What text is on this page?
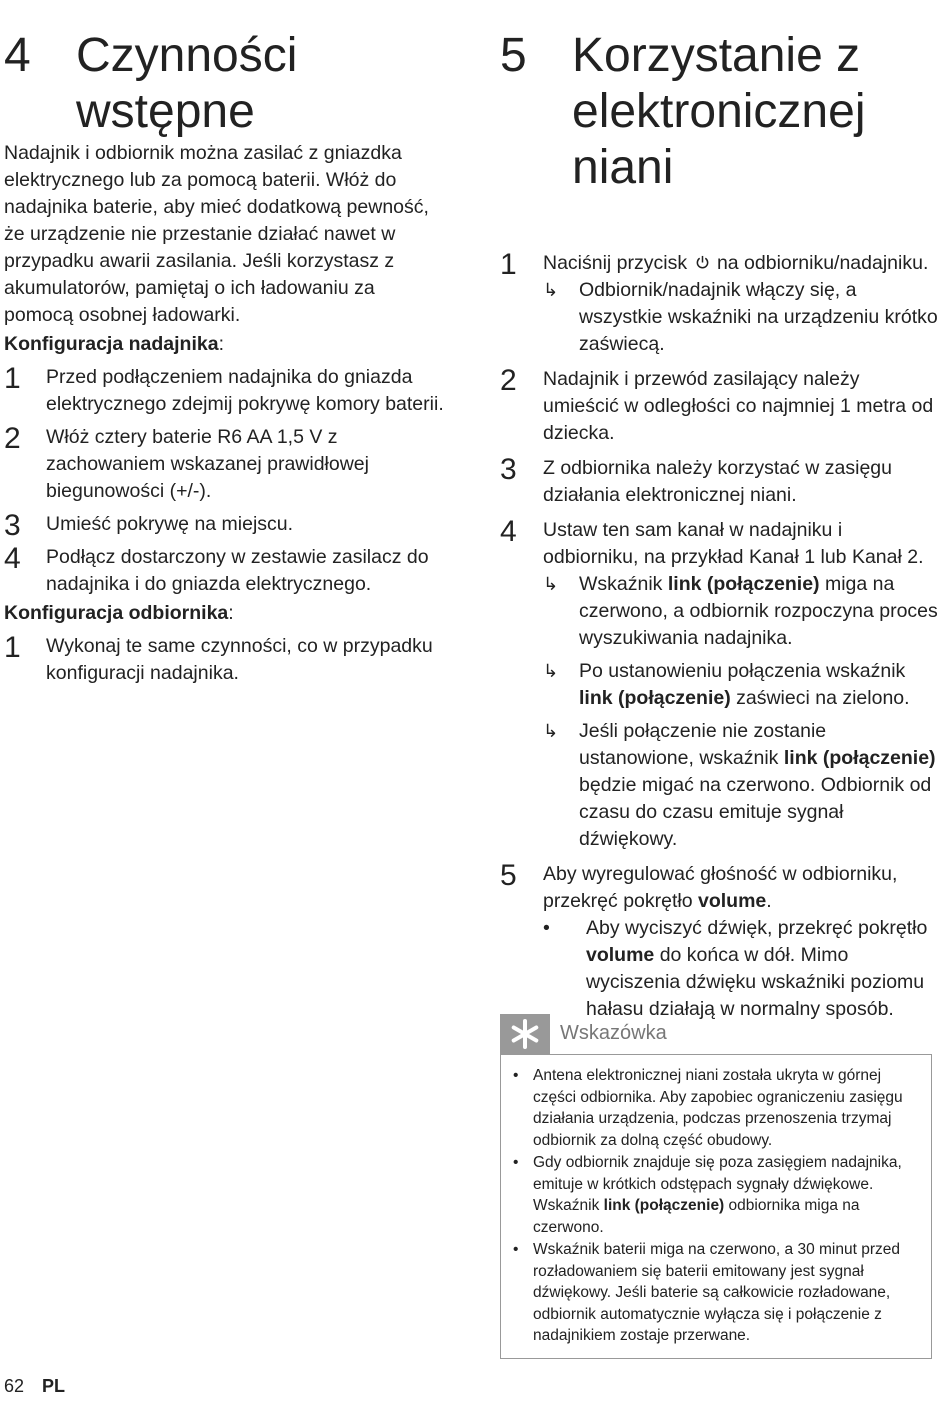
4 Czynności
wstępne

Nadajnik i odbiornik można zasilać z gniazdka elektrycznego lub za pomocą baterii. Włóż do nadajnika baterie, aby mieć dodatkową pewność, że urządzenie nie przestanie działać nawet w przypadku awarii zasilania. Jeśli korzystasz z akumulatorów, pamiętaj o ich ładowaniu za pomocą osobnej ładowarki.

Konfiguracja nadajnika:
1 Przed podłączeniem nadajnika do gniazda elektrycznego zdejmij pokrywę komory baterii.
2 Włóż cztery baterie R6 AA 1,5 V z zachowaniem wskazanej prawidłowej biegunowości (+/-).
3 Umieść pokrywę na miejscu.
4 Podłącz dostarczony w zestawie zasilacz do nadajnika i do gniazda elektrycznego.
Konfiguracja odbiornika:
1 Wykonaj te same czynności, co w przypadku konfiguracji nadajnika.
5 Korzystanie z
elektronicznej
niani
1 Naciśnij przycisk na odbiorniku/nadajniku.
↳ Odbiornik/nadajnik włączy się, a wszystkie wskaźniki na urządzeniu krótko zaświecą.
2 Nadajnik i przewód zasilający należy umieścić w odległości co najmniej 1 metra od dziecka.
3 Z odbiornika należy korzystać w zasięgu działania elektronicznej niani.
4 Ustaw ten sam kanał w nadajniku i odbiorniku, na przykład Kanał 1 lub Kanał 2.
↳ Wskaźnik link (połączenie) miga na czerwono, a odbiornik rozpoczyna proces wyszukiwania nadajnika.
↳ Po ustanowieniu połączenia wskaźnik link (połączenie) zaświeci na zielono.
↳ Jeśli połączenie nie zostanie ustanowione, wskaźnik link (połączenie) będzie migać na czerwono. Odbiornik od czasu do czasu emituje sygnał dźwiękowy.
5 Aby wyregulować głośność w odbiorniku, przekręć pokrętło volume.
• Aby wyciszyć dźwięk, przekręć pokrętło volume do końca w dół. Mimo wyciszenia dźwięku wskaźniki poziomu hałasu działają w normalny sposób.
Wskazówka
• Antena elektronicznej niani została ukryta w górnej części odbiornika. Aby zapobiec ograniczeniu zasięgu działania urządzenia, podczas przenoszenia trzymaj odbiornik za dolną część obudowy.
• Gdy odbiornik znajduje się poza zasięgiem nadajnika, emituje w krótkich odstępach sygnały dźwiękowe. Wskaźnik link (połączenie) odbiornika miga na czerwono.
• Wskaźnik baterii miga na czerwono, a 30 minut przed rozładowaniem się baterii emitowany jest sygnał dźwiękowy. Jeśli baterie są całkowicie rozładowane, odbiornik automatycznie wyłącza się i połączenie z nadajnikiem zostaje przerwane.
62 PL
